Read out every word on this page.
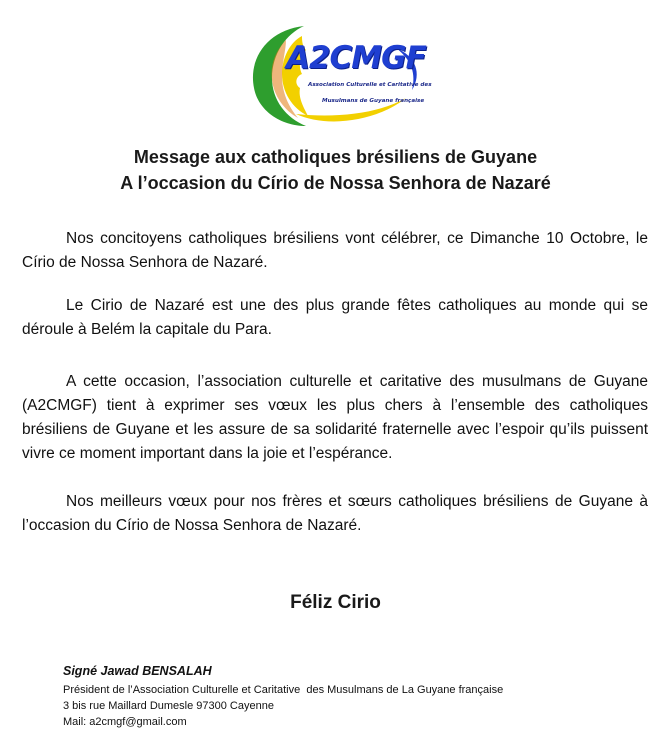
A2CMGF
Association Culturelle et Caritative des
Musulmans de Guyane française

Message aux catholiques brésiliens de Guyane

A l’occasion du Círio de Nossa Senhora de Nazaré

Nos concitoyens catholiques brésiliens vont célébrer, ce Dimanche 10 Octobre, le Círio de Nossa Senhora de Nazaré.

Le Cirio de Nazaré est une des plus grande fêtes catholiques au monde qui se déroule à Belém la capitale du Para.

A cette occasion, l’association culturelle et caritative des musulmans de Guyane (A2CMGF) tient à exprimer ses vœux les plus chers à l’ensemble des catholiques brésiliens de Guyane et les assure de sa solidarité fraternelle avec l’espoir qu’ils puissent vivre ce moment important dans la joie et l’espérance.

Nos meilleurs vœux pour nos frères et sœurs catholiques brésiliens de Guyane à l’occasion du Círio de Nossa Senhora de Nazaré.

Féliz Cirio

Signé Jawad BENSALAH

Président de l’Association Culturelle et Caritative  des Musulmans de La Guyane française

3 bis rue Maillard Dumesle 97300 Cayenne

Mail: a2cmgf@gmail.com
